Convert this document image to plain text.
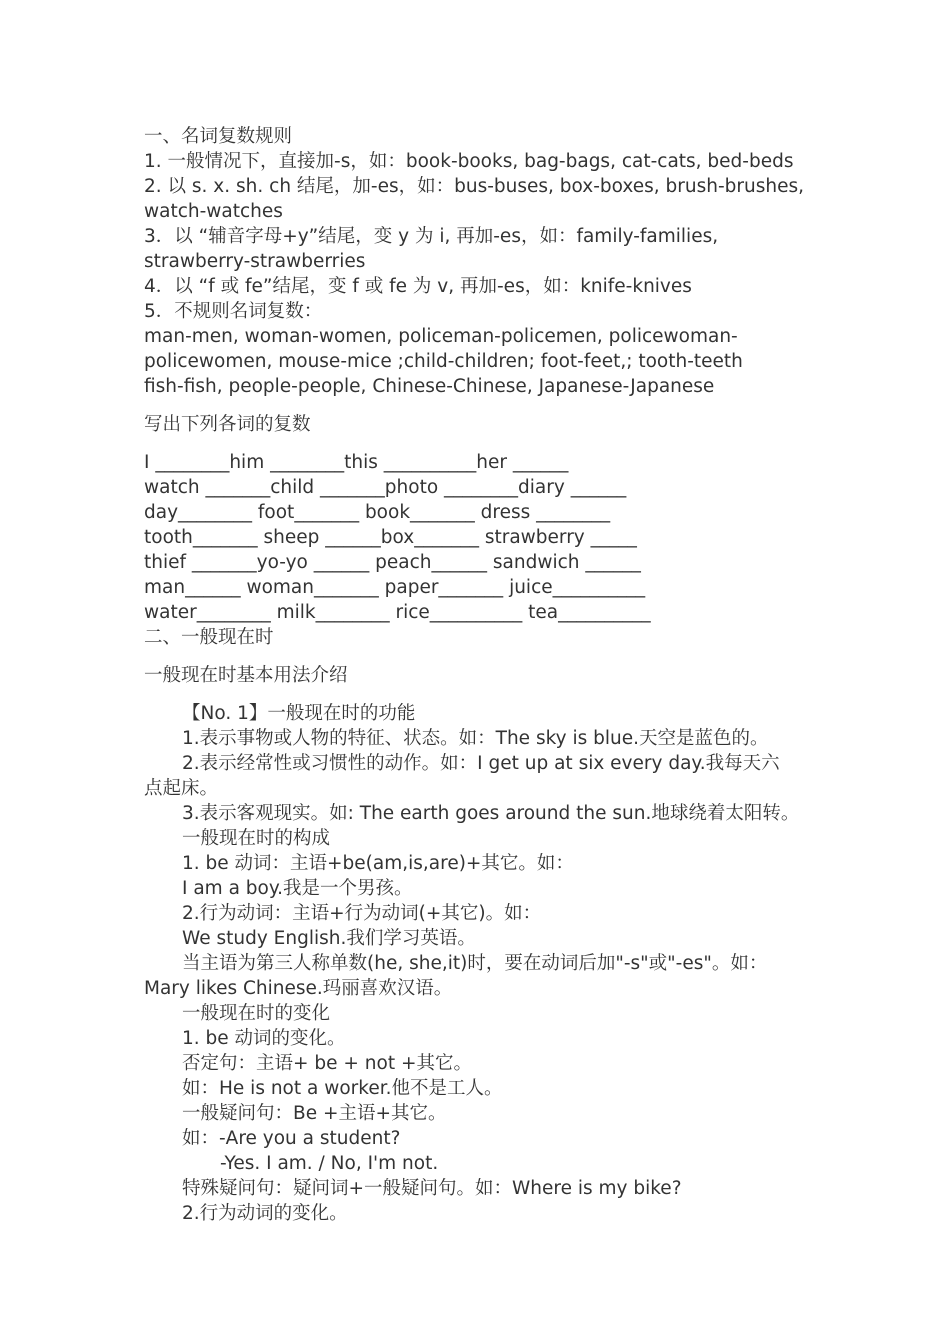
一、名词复数规则
1. 一般情况下，直接加-s，如：book-books, bag-bags, cat-cats, bed-beds
2. 以 s. x. sh. ch 结尾，加-es，如：bus-buses, box-boxes, brush-brushes,
watch-watches
3．以 “辅音字母+y”结尾，变 y 为 i, 再加-es，如：family-families,
strawberry-strawberries
4．以 “f 或 fe”结尾，变 f 或 fe 为 v, 再加-es，如：knife-knives
5．不规则名词复数：
man-men, woman-women, policeman-policemen, policewoman-
policewomen, mouse-mice ;child-children; foot-feet,; tooth-teeth
fish-fish, people-people, Chinese-Chinese, Japanese-Japanese
写出下列各词的复数
I ________him ________this __________her ______
watch _______child _______photo ________diary ______
day________ foot_______ book_______ dress ________
tooth_______ sheep ______box_______ strawberry _____
thief _______yo-yo ______ peach______ sandwich ______
man______ woman_______ paper_______ juice__________
water________ milk________ rice__________ tea__________
二、一般现在时
一般现在时基本用法介绍
【No. 1】一般现在时的功能
1.表示事物或人物的特征、状态。如：The sky is blue.天空是蓝色的。
2.表示经常性或习惯性的动作。如：I get up at six every day.我每天六
点起床。
3.表示客观现实。如: The earth goes around the sun.地球绕着太阳转。
一般现在时的构成
1. be 动词：主语+be(am,is,are)+其它。如：
I am a boy.我是一个男孩。
2.行为动词：主语+行为动词(+其它)。如：
We study English.我们学习英语。
当主语为第三人称单数(he, she,it)时，要在动词后加"-s"或"-es"。如：
Mary likes Chinese.玛丽喜欢汉语。
一般现在时的变化
1. be 动词的变化。
否定句：主语+ be + not +其它。
如：He is not a worker.他不是工人。
一般疑问句：Be +主语+其它。
如：-Are you a student?
-Yes. I am. / No, I'm not.
特殊疑问句：疑问词+一般疑问句。如：Where is my bike?
2.行为动词的变化。
